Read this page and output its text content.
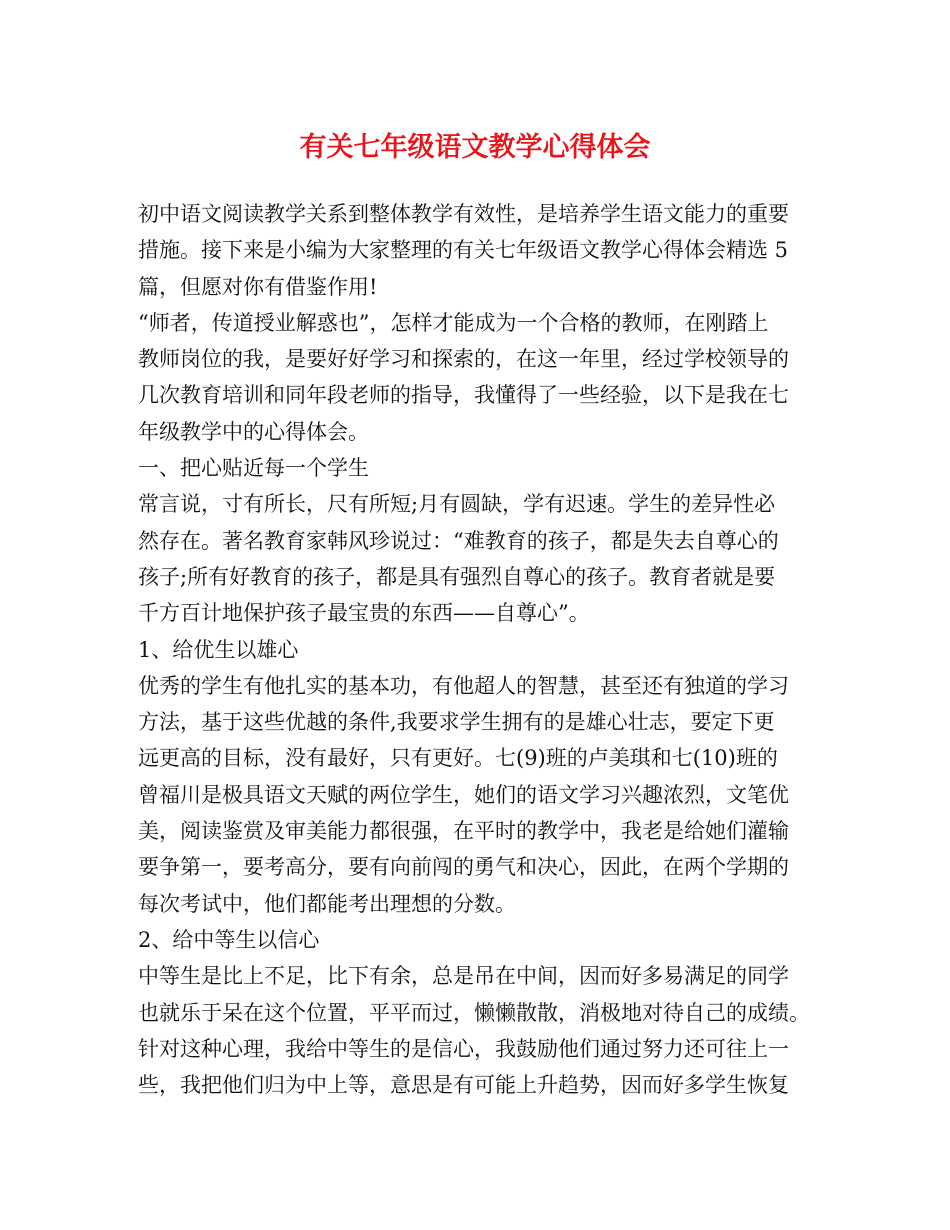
有关七年级语文教学心得体会
初中语文阅读教学关系到整体教学有效性，是培养学生语文能力的重要
措施。接下来是小编为大家整理的有关七年级语文教学心得体会精选 5
篇，但愿对你有借鉴作用!
“师者，传道授业解惑也”，怎样才能成为一个合格的教师，在刚踏上
教师岗位的我，是要好好学习和探索的，在这一年里，经过学校领导的
几次教育培训和同年段老师的指导，我懂得了一些经验，以下是我在七
年级教学中的心得体会。
一、把心贴近每一个学生
常言说，寸有所长，尺有所短;月有圆缺，学有迟速。学生的差异性必
然存在。著名教育家韩风珍说过：“难教育的孩子，都是失去自尊心的
孩子;所有好教育的孩子，都是具有强烈自尊心的孩子。教育者就是要
千方百计地保护孩子最宝贵的东西——自尊心”。
1、给优生以雄心
优秀的学生有他扎实的基本功，有他超人的智慧，甚至还有独道的学习
方法，基于这些优越的条件,我要求学生拥有的是雄心壮志，要定下更
远更高的目标，没有最好，只有更好。七(9)班的卢美琪和七(10)班的
曾福川是极具语文天赋的两位学生，她们的语文学习兴趣浓烈，文笔优
美，阅读鉴赏及审美能力都很强，在平时的教学中，我老是给她们灌输
要争第一，要考高分，要有向前闯的勇气和决心，因此，在两个学期的
每次考试中，他们都能考出理想的分数。
2、给中等生以信心
中等生是比上不足，比下有余，总是吊在中间，因而好多易满足的同学
也就乐于呆在这个位置，平平而过，懒懒散散，消极地对待自己的成绩。
针对这种心理，我给中等生的是信心，我鼓励他们通过努力还可往上一
些，我把他们归为中上等，意思是有可能上升趋势，因而好多学生恢复
